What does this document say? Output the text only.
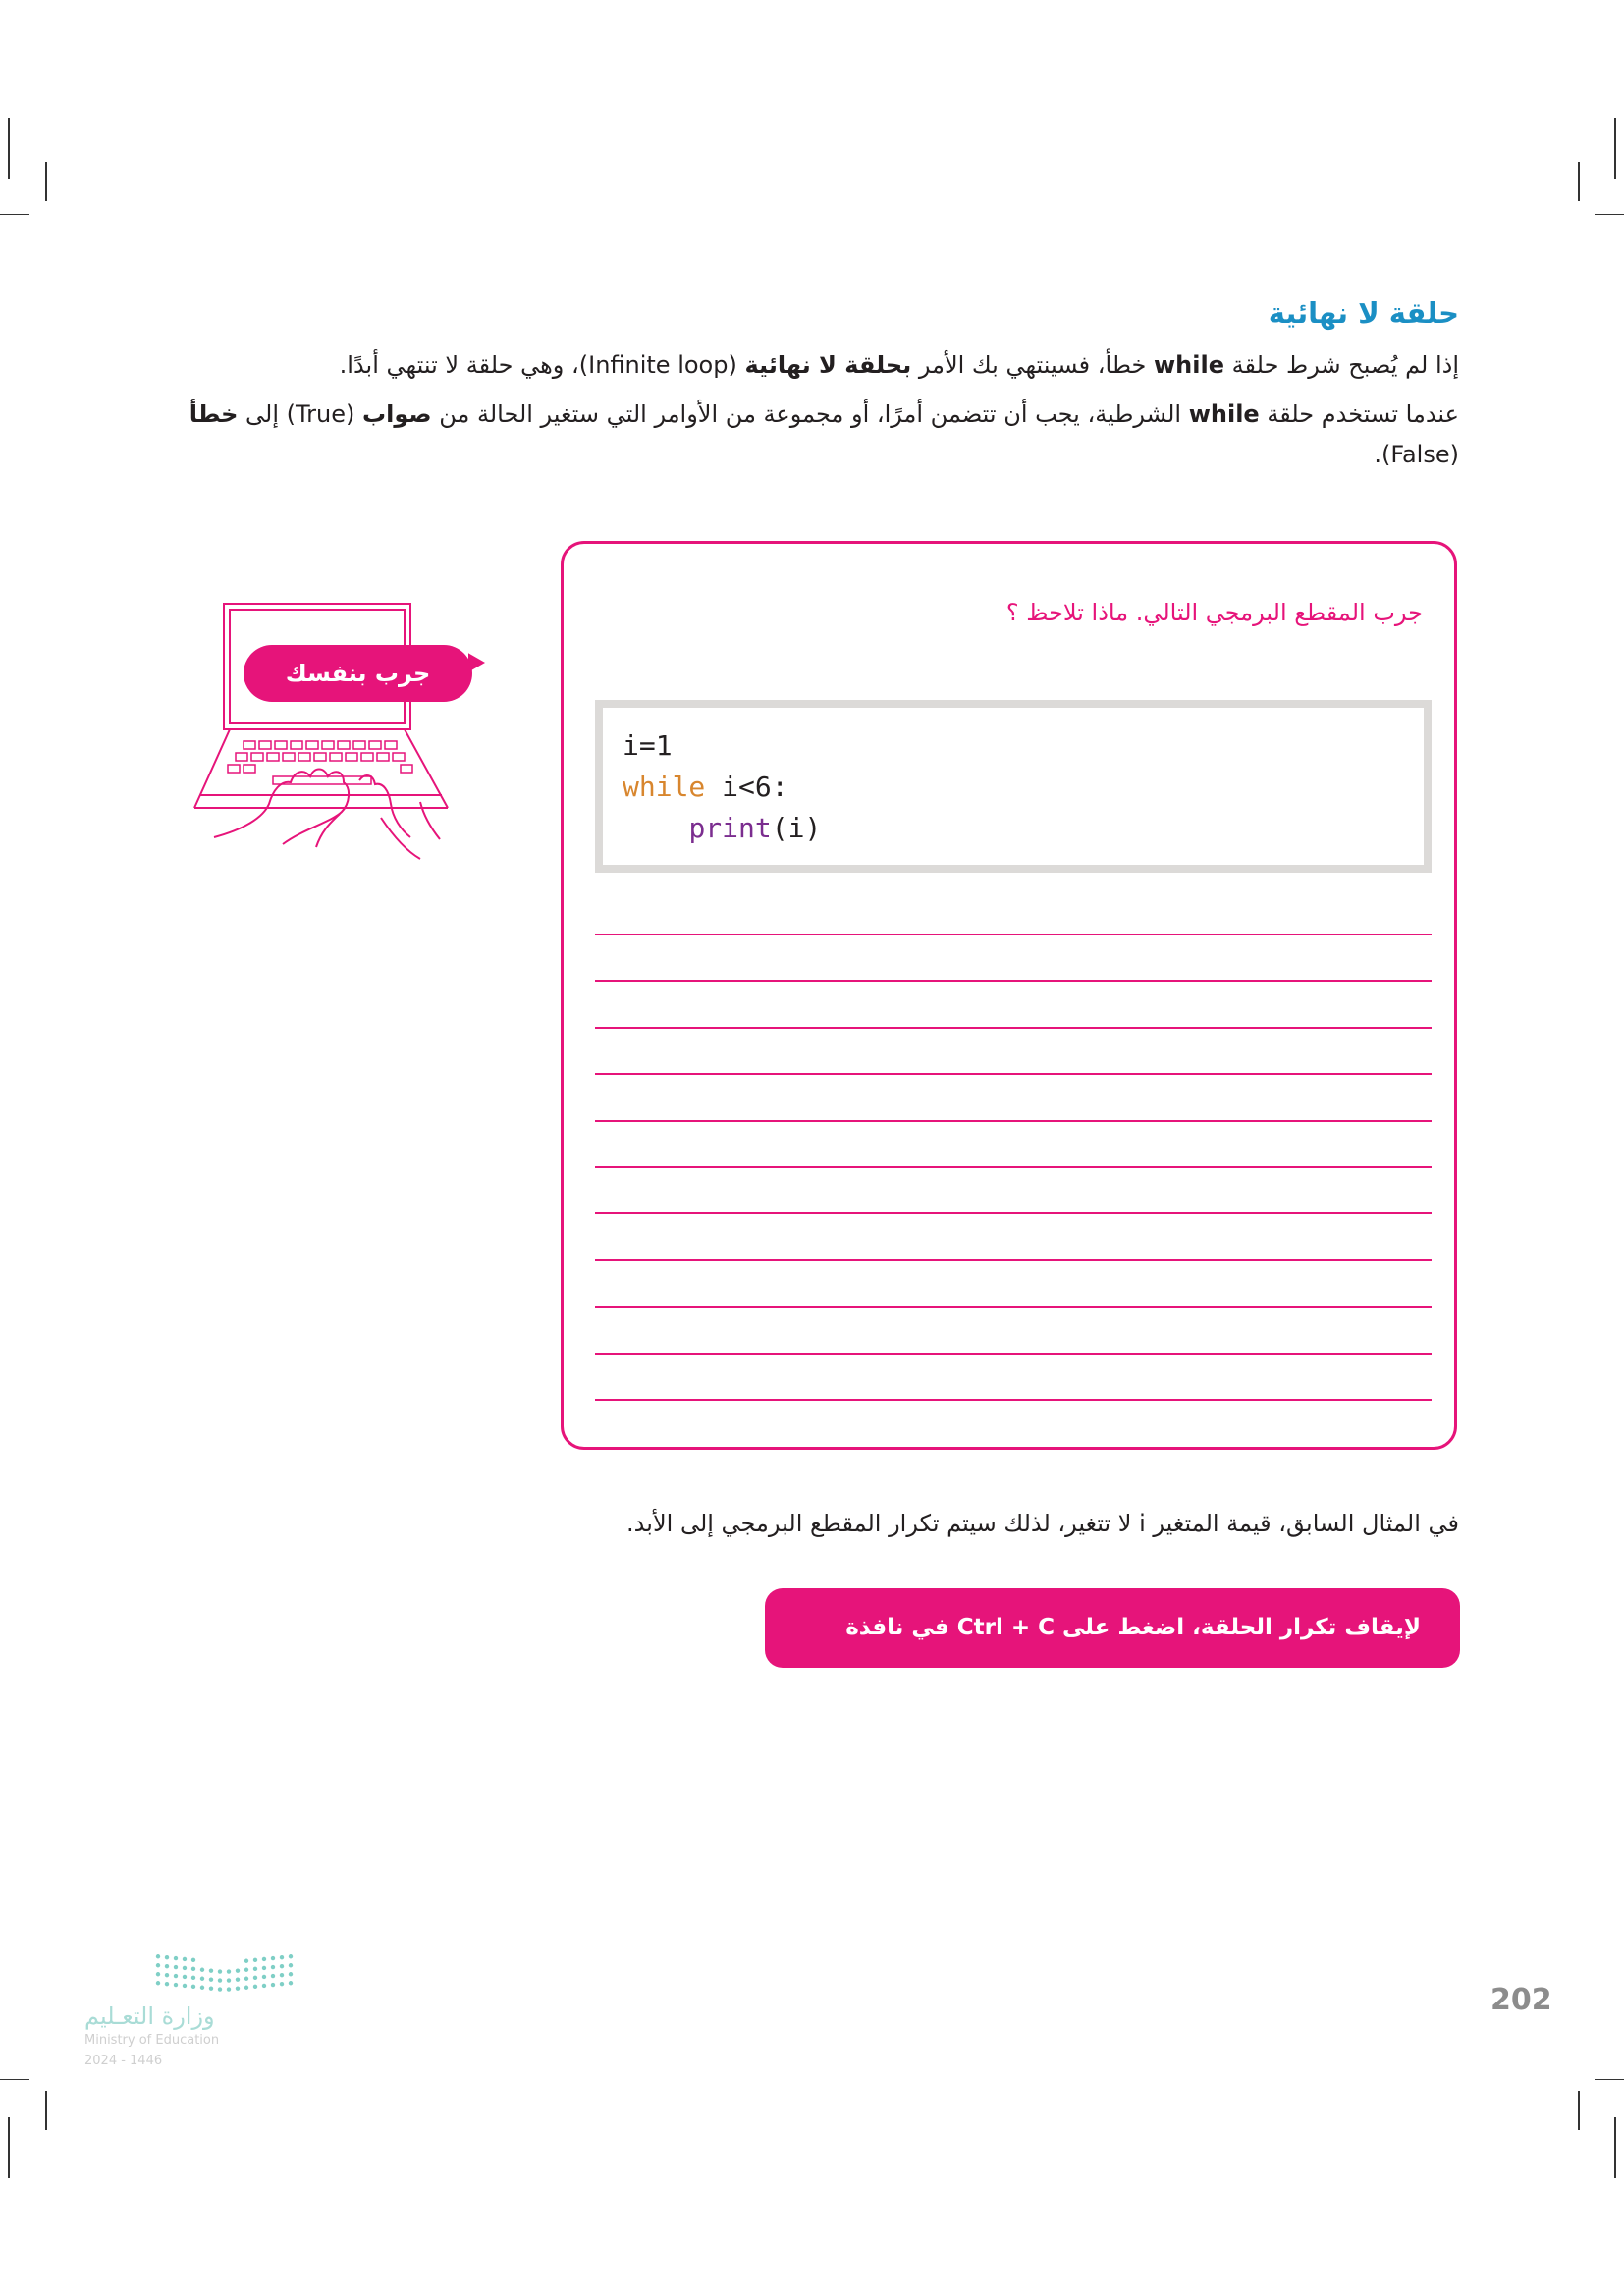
حلقة لا نهائية
إذا لم يُصبح شرط حلقة while خطأ، فسينتهي بك الأمر بحلقة لا نهائية (Infinite loop)، وهي حلقة لا تنتهي أبدًا.
عندما تستخدم حلقة while الشرطية، يجب أن تتضمن أمرًا، أو مجموعة من الأوامر التي ستغير الحالة من صواب (True) إلى خطأ (False).
جرب بنفسك
جرب المقطع البرمجي التالي. ماذا تلاحظ ؟
i=1
while i<6:
print(i)
في المثال السابق، قيمة المتغير i لا تتغير، لذلك سيتم تكرار المقطع البرمجي إلى الأبد.
لإيقاف تكرار الحلقة، اضغط على Ctrl + C في نافذة Python shell.
202
وزارة التعـليم
Ministry of Education
2024 - 1446
